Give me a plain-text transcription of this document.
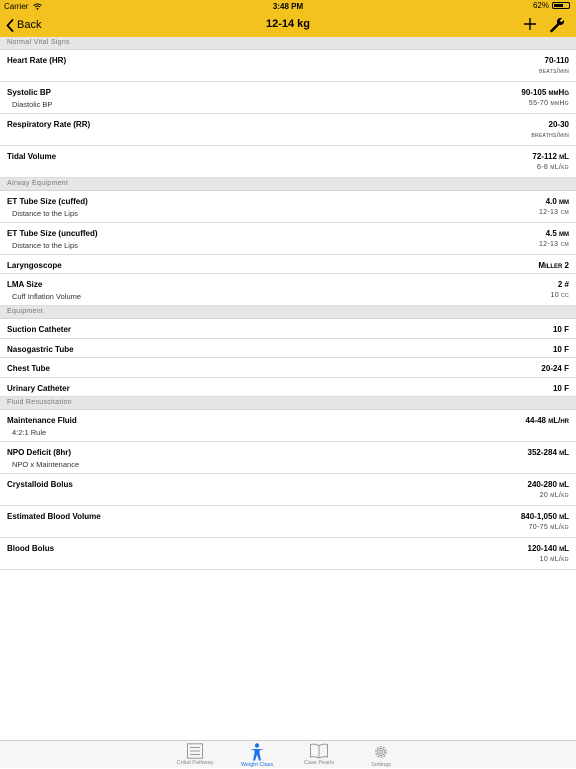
Carrier	3:48 PM	62%
Back	12-14 kg
Normal Vital Signs
Heart Rate (HR)	70-110
beats/min
Systolic BP	90-105 mmHg
Diastolic BP	55-70 mmHg
Respiratory Rate (RR)	20-30
breaths/min
Tidal Volume	72-112 mL
6-8 mL/kg
Airway Equipment
ET Tube Size (cuffed)	4.0 mm
Distance to the Lips	12-13 cm
ET Tube Size (uncuffed)	4.5 mm
Distance to the Lips	12-13 cm
Laryngoscope	Miller 2
LMA Size	2 #
Cuff Inflation Volume	10 cc
Equipment
Suction Catheter	10 F
Nasogastric Tube	10 F
Chest Tube	20-24 F
Urinary Catheter	10 F
Fluid Resuscitation
Maintenance Fluid	44-48 mL/hr
4:2:1 Rule
NPO Deficit (8hr)	352-284 mL
NPO x Maintenance
Crystalloid Bolus	240-280 mL
20 mL/kg
Estimated Blood Volume	840-1,050 mL
70-75 mL/kg
Blood Bolus	120-140 mL
10 mL/kg
Critial Pathway	Weight Class	Case Pearls	Settings
